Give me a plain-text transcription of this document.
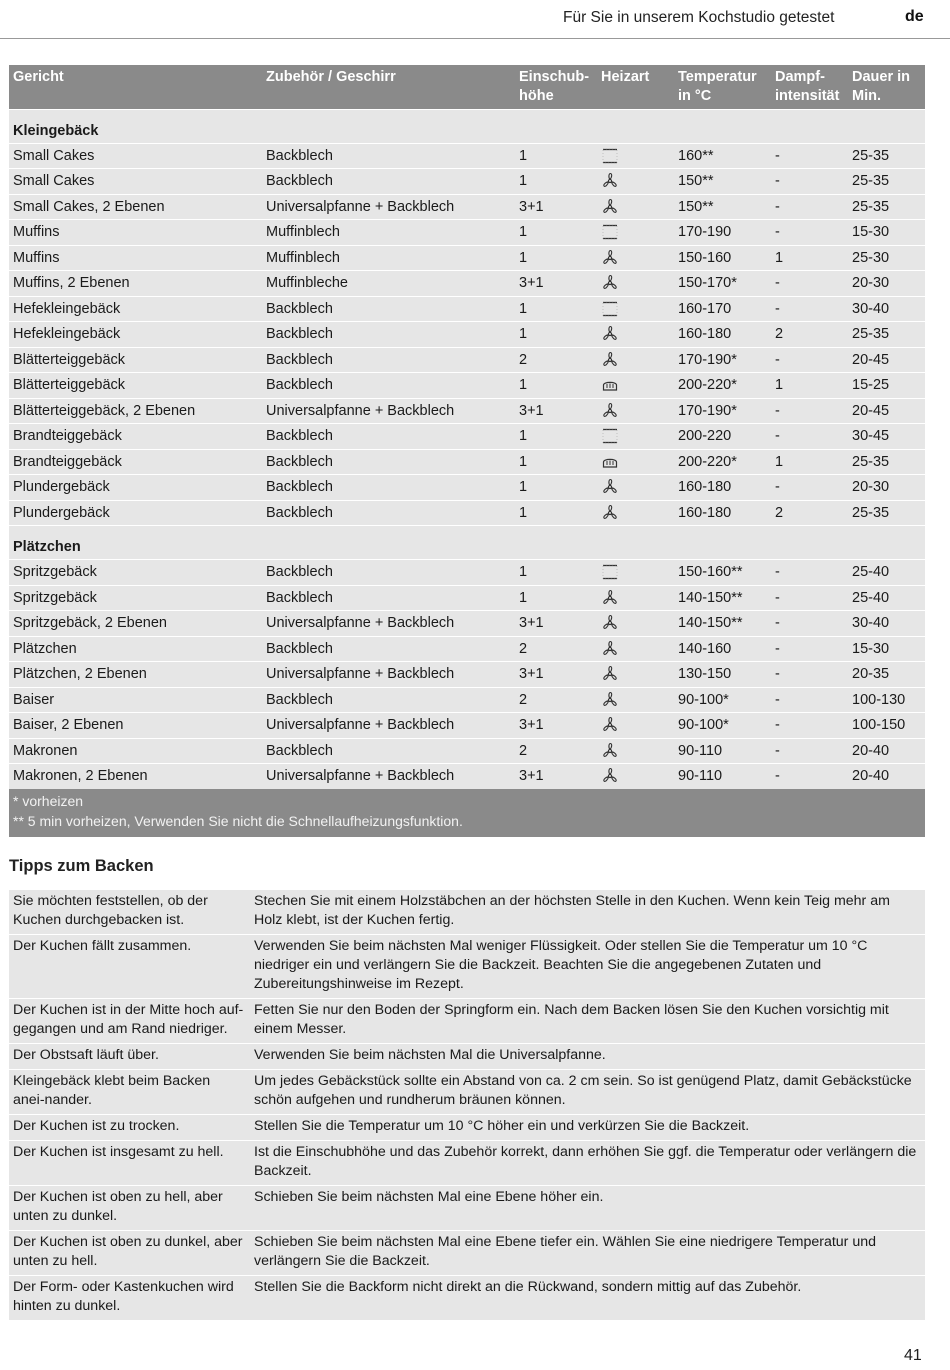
Für Sie in unserem Kochstudio getestet	de
Gericht	Zubehör / Geschirr	Einschub-höhe	Heizart	Temperatur in °C	Dampf-intensität	Dauer in Min.
Kleingebäck						
Small Cakes	Backblech	1		160**	-	25-35
Small Cakes	Backblech	1		150**	-	25-35
Small Cakes, 2 Ebenen	Universalpfanne + Backblech	3+1		150**	-	25-35
Muffins	Muffinblech	1		170-190	-	15-30
Muffins	Muffinblech	1		150-160	1	25-30
Muffins, 2 Ebenen	Muffinbleche	3+1		150-170*	-	20-30
Hefekleingebäck	Backblech	1		160-170	-	30-40
Hefekleingebäck	Backblech	1		160-180	2	25-35
Blätterteiggebäck	Backblech	2		170-190*	-	20-45
Blätterteiggebäck	Backblech	1		200-220*	1	15-25
Blätterteiggebäck, 2 Ebenen	Universalpfanne + Backblech	3+1		170-190*	-	20-45
Brandteiggebäck	Backblech	1		200-220	-	30-45
Brandteiggebäck	Backblech	1		200-220*	1	25-35
Plundergebäck	Backblech	1		160-180	-	20-30
Plundergebäck	Backblech	1		160-180	2	25-35
Plätzchen						
Spritzgebäck	Backblech	1		150-160**	-	25-40
Spritzgebäck	Backblech	1		140-150**	-	25-40
Spritzgebäck, 2 Ebenen	Universalpfanne + Backblech	3+1		140-150**	-	30-40
Plätzchen	Backblech	2		140-160	-	15-30
Plätzchen, 2 Ebenen	Universalpfanne + Backblech	3+1		130-150	-	20-35
Baiser	Backblech	2		90-100*	-	100-130
Baiser, 2 Ebenen	Universalpfanne + Backblech	3+1		90-100*	-	100-150
Makronen	Backblech	2		90-110	-	20-40
Makronen, 2 Ebenen	Universalpfanne + Backblech	3+1		90-110	-	20-40
* vorheizen						
** 5 min vorheizen, Verwenden Sie nicht die Schnellaufheizungsfunktion.						
Tipps zum Backen
Sie möchten feststellen, ob der Kuchen durchgebacken ist.	Stechen Sie mit einem Holzstäbchen an der höchsten Stelle in den Kuchen. Wenn kein Teig mehr am Holz klebt, ist der Kuchen fertig.
Der Kuchen fällt zusammen.	Verwenden Sie beim nächsten Mal weniger Flüssigkeit. Oder stellen Sie die Temperatur um 10 °C niedriger ein und verlängern Sie die Backzeit. Beachten Sie die angegebenen Zutaten und Zubereitungshinweise im Rezept.
Der Kuchen ist in der Mitte hoch auf-gegangen und am Rand niedriger.	Fetten Sie nur den Boden der Springform ein. Nach dem Backen lösen Sie den Kuchen vorsichtig mit einem Messer.
Der Obstsaft läuft über.	Verwenden Sie beim nächsten Mal die Universalpfanne.
Kleingebäck klebt beim Backen anei-nander.	Um jedes Gebäckstück sollte ein Abstand von ca. 2 cm sein. So ist genügend Platz, damit Gebäckstücke schön aufgehen und rundherum bräunen können.
Der Kuchen ist zu trocken.	Stellen Sie die Temperatur um 10 °C höher ein und verkürzen Sie die Backzeit.
Der Kuchen ist insgesamt zu hell.	Ist die Einschubhöhe und das Zubehör korrekt, dann erhöhen Sie ggf. die Temperatur oder verlängern die Backzeit.
Der Kuchen ist oben zu hell, aber unten zu dunkel.	Schieben Sie beim nächsten Mal eine Ebene höher ein.
Der Kuchen ist oben zu dunkel, aber unten zu hell.	Schieben Sie beim nächsten Mal eine Ebene tiefer ein. Wählen Sie eine niedrigere Temperatur und verlängern Sie die Backzeit.
Der Form- oder Kastenkuchen wird hinten zu dunkel.	Stellen Sie die Backform nicht direkt an die Rückwand, sondern mittig auf das Zubehör.
41
